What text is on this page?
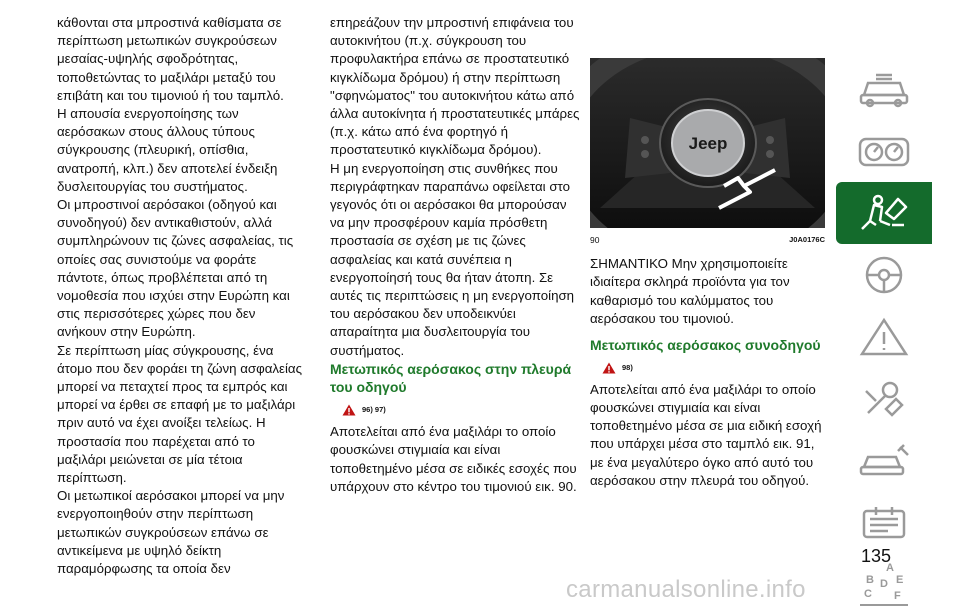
κάθονται στα μπροστινά καθίσματα σε περίπτωση μετωπικών συγκρούσεων μεσαίας-υψηλής σφοδρότητας, τοποθετώντας το μαξιλάρι μεταξύ του επιβάτη και του τιμονιού ή του ταμπλό.

Η απουσία ενεργοποίησης των αερόσακων στους άλλους τύπους σύγκρουσης (πλευρική, οπίσθια, ανατροπή, κλπ.) δεν αποτελεί ένδειξη δυσλειτουργίας του συστήματος.

Οι μπροστινοί αερόσακοι (οδηγού και συνοδηγού) δεν αντικαθιστούν, αλλά συμπληρώνουν τις ζώνες ασφαλείας, τις οποίες σας συνιστούμε να φοράτε πάντοτε, όπως προβλέπεται από τη νομοθεσία που ισχύει στην Ευρώπη και στις περισσότερες χώρες που δεν ανήκουν στην Ευρώπη.

Σε περίπτωση μίας σύγκρουσης, ένα άτομο που δεν φοράει τη ζώνη ασφαλείας μπορεί να πεταχτεί προς τα εμπρός και μπορεί να έρθει σε επαφή με το μαξιλάρι πριν αυτό να έχει ανοίξει τελείως. Η προστασία που παρέχεται από το μαξιλάρι μειώνεται σε μία τέτοια περίπτωση.

Οι μετωπικοί αερόσακοι μπορεί να μην ενεργοποιηθούν στην περίπτωση μετωπικών συγκρούσεων επάνω σε αντικείμενα με υψηλό δείκτη παραμόρφωσης τα οποία δεν

επηρεάζουν την μπροστινή επιφάνεια του αυτοκινήτου (π.χ. σύγκρουση του προφυλακτήρα επάνω σε προστατευτικό κιγκλίδωμα δρόμου) ή στην περίπτωση "σφηνώματος" του αυτοκινήτου κάτω από άλλα αυτοκίνητα ή προστατευτικές μπάρες (π.χ. κάτω από ένα φορτηγό ή προστατευτικό κιγκλίδωμα δρόμου).

Η μη ενεργοποίηση στις συνθήκες που περιγράφτηκαν παραπάνω οφείλεται στο γεγονός ότι οι αερόσακοι θα μπορούσαν να μην προσφέρουν καμία πρόσθετη προστασία σε σχέση με τις ζώνες ασφαλείας και κατά συνέπεια η ενεργοποίησή τους θα ήταν άτοπη. Σε αυτές τις περιπτώσεις η μη ενεργοποίηση του αερόσακου δεν υποδεικνύει απαραίτητα μια δυσλειτουργία του συστήματος.

Μετωπικός αερόσακος στην πλευρά του οδηγού

96) 97)

Αποτελείται από ένα μαξιλάρι το οποίο φουσκώνει στιγμιαία και είναι τοποθετημένο μέσα σε ειδικές εσοχές που υπάρχουν στο κέντρο του τιμονιού εικ. 90.

Jeep
90	J0A0176C

ΣΗΜΑΝΤΙΚΟ Μην χρησιμοποιείτε ιδιαίτερα σκληρά προϊόντα για τον καθαρισμό του καλύμματος του αερόσακου του τιμονιού.

Μετωπικός αερόσακος συνοδηγού

98)

Αποτελείται από ένα μαξιλάρι το οποίο φουσκώνει στιγμιαία και είναι τοποθετημένο μέσα σε μια ειδική εσοχή που υπάρχει μέσα στο ταμπλό εικ. 91, με ένα μεγαλύτερο όγκο από αυτό του αερόσακου στην πλευρά του οδηγού.

A
B
C
D E
F
135
carmanualsonline.info
